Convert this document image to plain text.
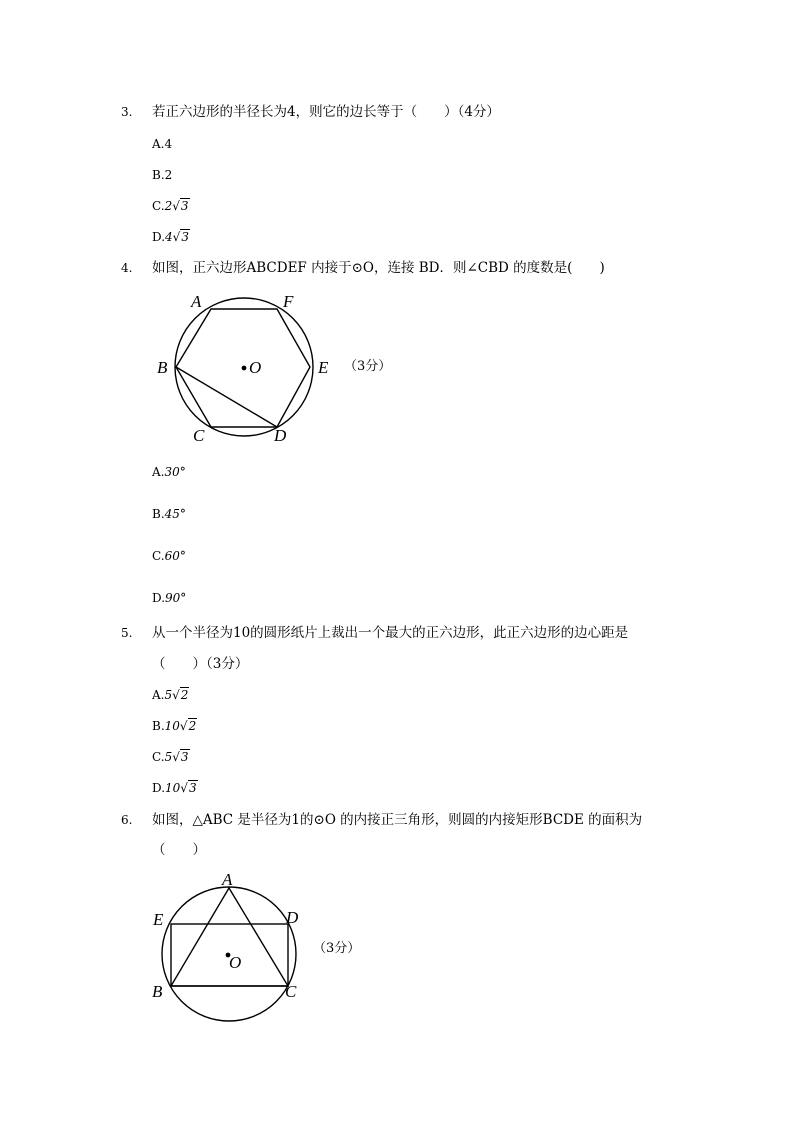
3. 若正六边形的半径长为4，则它的边长等于（　　）（4分）
A.4
B.2
C.2√3
D.4√3
4. 如图，正六边形ABCDEF 内接于⊙O，连接 BD．则∠CBD 的度数是(　　)
A	F
B	E
C	D
O	（3分）
A.30°
B.45°
C.60°
D.90°
5. 从一个半径为10的圆形纸片上裁出一个最大的正六边形，此正六边形的边心距是
（　　）（3分）
A.5√2
B.10√2
C.5√3
D.10√3
6. 如图，△ABC 是半径为1的⊙O 的内接正三角形，则圆的内接矩形BCDE 的面积为
（　　）
A
E	D
B	C
O
（3分）
